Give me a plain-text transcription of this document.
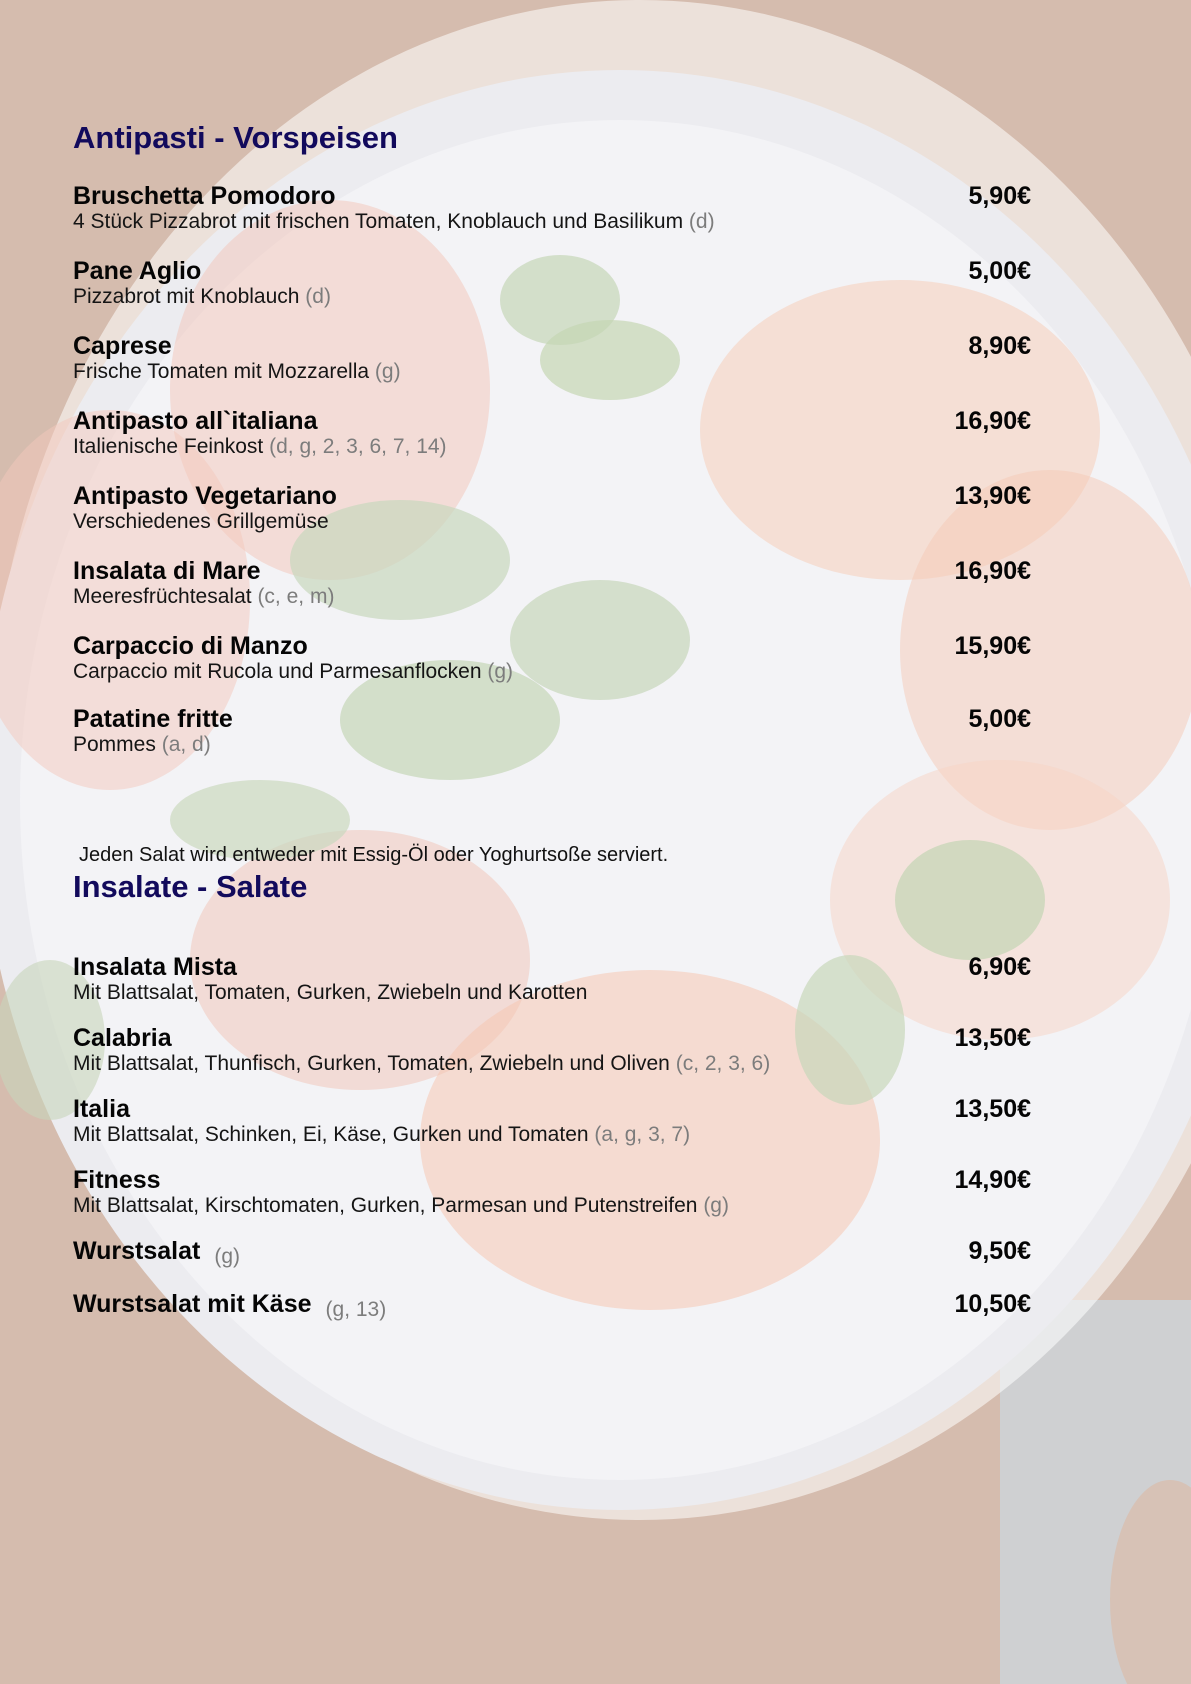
Antipasti - Vorspeisen
Bruschetta Pomodoro
4 Stück Pizzabrot mit frischen Tomaten, Knoblauch und Basilikum (d)
5,90€
Pane Aglio
Pizzabrot mit Knoblauch (d)
5,00€
Caprese
Frische Tomaten mit Mozzarella (g)
8,90€
Antipasto all`italiana
Italienische Feinkost (d, g, 2, 3, 6, 7, 14)
16,90€
Antipasto Vegetariano
Verschiedenes Grillgemüse
13,90€
Insalata di Mare
Meeresfrüchtesalat (c, e, m)
16,90€
Carpaccio di Manzo
Carpaccio mit Rucola und Parmesanflocken (g)
15,90€
Patatine fritte
Pommes (a, d)
5,00€
Jeden Salat wird entweder mit Essig-Öl oder Yoghurtsoße serviert.
Insalate - Salate
Insalata Mista
Mit Blattsalat, Tomaten, Gurken, Zwiebeln und Karotten
6,90€
Calabria
Mit Blattsalat, Thunfisch, Gurken, Tomaten, Zwiebeln und Oliven (c, 2, 3, 6)
13,50€
Italia
Mit Blattsalat, Schinken, Ei, Käse, Gurken und Tomaten (a, g, 3, 7)
13,50€
Fitness
Mit Blattsalat, Kirschtomaten, Gurken, Parmesan und Putenstreifen (g)
14,90€
Wurstsalat (g)	9,50€
Wurstsalat mit Käse (g, 13)	10,50€
